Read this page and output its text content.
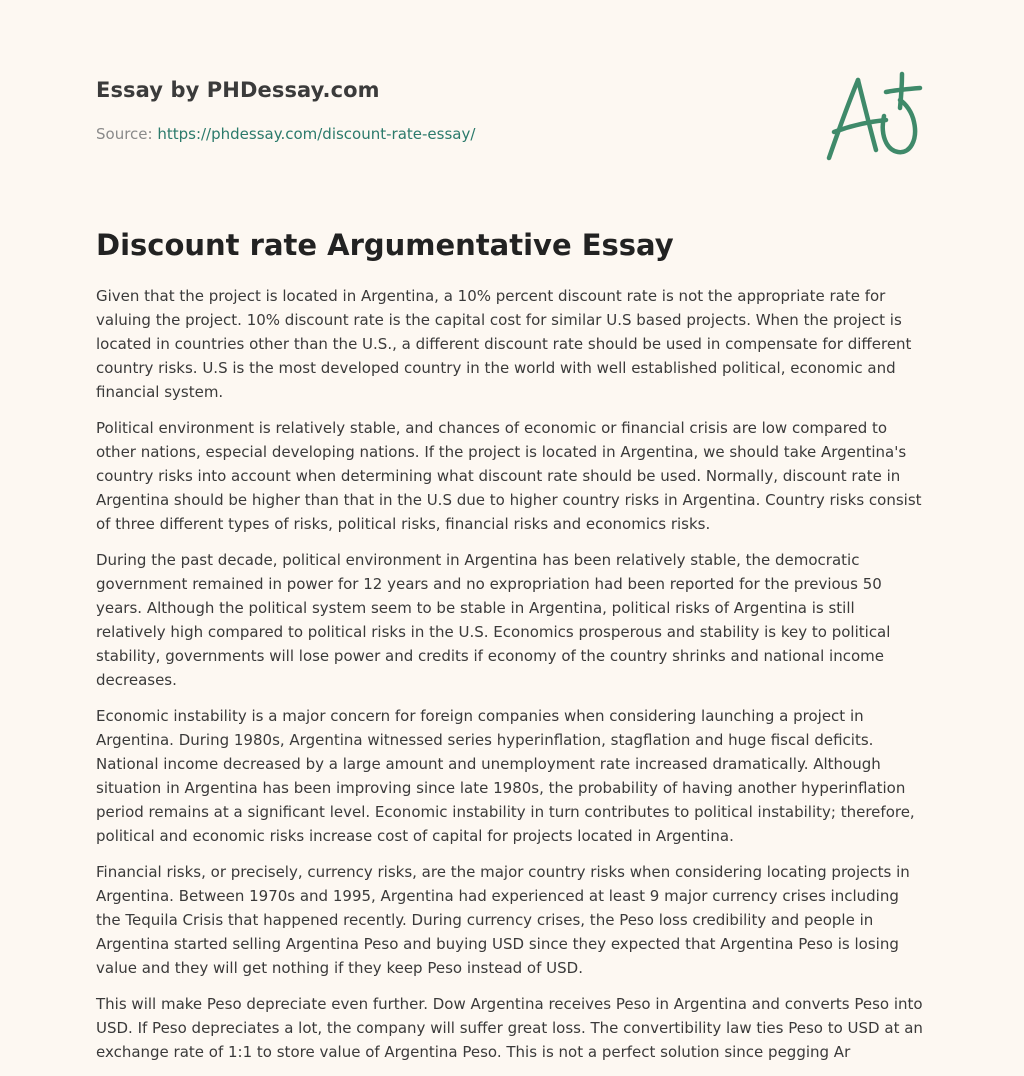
Essay by PHDessay.com
Source: https://phdessay.com/discount-rate-essay/
Discount rate Argumentative Essay

Given that the project is located in Argentina, a 10% percent discount rate is not the appropriate rate for valuing the project. 10% discount rate is the capital cost for similar U.S based projects. When the project is located in countries other than the U.S., a different discount rate should be used in compensate for different country risks. U.S is the most developed country in the world with well established political, economic and financial system.

Political environment is relatively stable, and chances of economic or financial crisis are low compared to other nations, especial developing nations. If the project is located in Argentina, we should take Argentina's country risks into account when determining what discount rate should be used. Normally, discount rate in Argentina should be higher than that in the U.S due to higher country risks in Argentina. Country risks consist of three different types of risks, political risks, financial risks and economics risks.

During the past decade, political environment in Argentina has been relatively stable, the democratic government remained in power for 12 years and no expropriation had been reported for the previous 50 years. Although the political system seem to be stable in Argentina, political risks of Argentina is still relatively high compared to political risks in the U.S. Economics prosperous and stability is key to political stability, governments will lose power and credits if economy of the country shrinks and national income decreases.

Economic instability is a major concern for foreign companies when considering launching a project in Argentina. During 1980s, Argentina witnessed series hyperinflation, stagflation and huge fiscal deficits. National income decreased by a large amount and unemployment rate increased dramatically. Although situation in Argentina has been improving since late 1980s, the probability of having another hyperinflation period remains at a significant level. Economic instability in turn contributes to political instability; therefore, political and economic risks increase cost of capital for projects located in Argentina.

Financial risks, or precisely, currency risks, are the major country risks when considering locating projects in Argentina. Between 1970s and 1995, Argentina had experienced at least 9 major currency crises including the Tequila Crisis that happened recently. During currency crises, the Peso loss credibility and people in Argentina started selling Argentina Peso and buying USD since they expected that Argentina Peso is losing value and they will get nothing if they keep Peso instead of USD.

This will make Peso depreciate even further. Dow Argentina receives Peso in Argentina and converts Peso into USD. If Peso depreciates a lot, the company will suffer great loss. The convertibility law ties Peso to USD at an exchange rate of 1:1 to store value of Argentina Peso. This is not a perfect solution since pegging Ar
